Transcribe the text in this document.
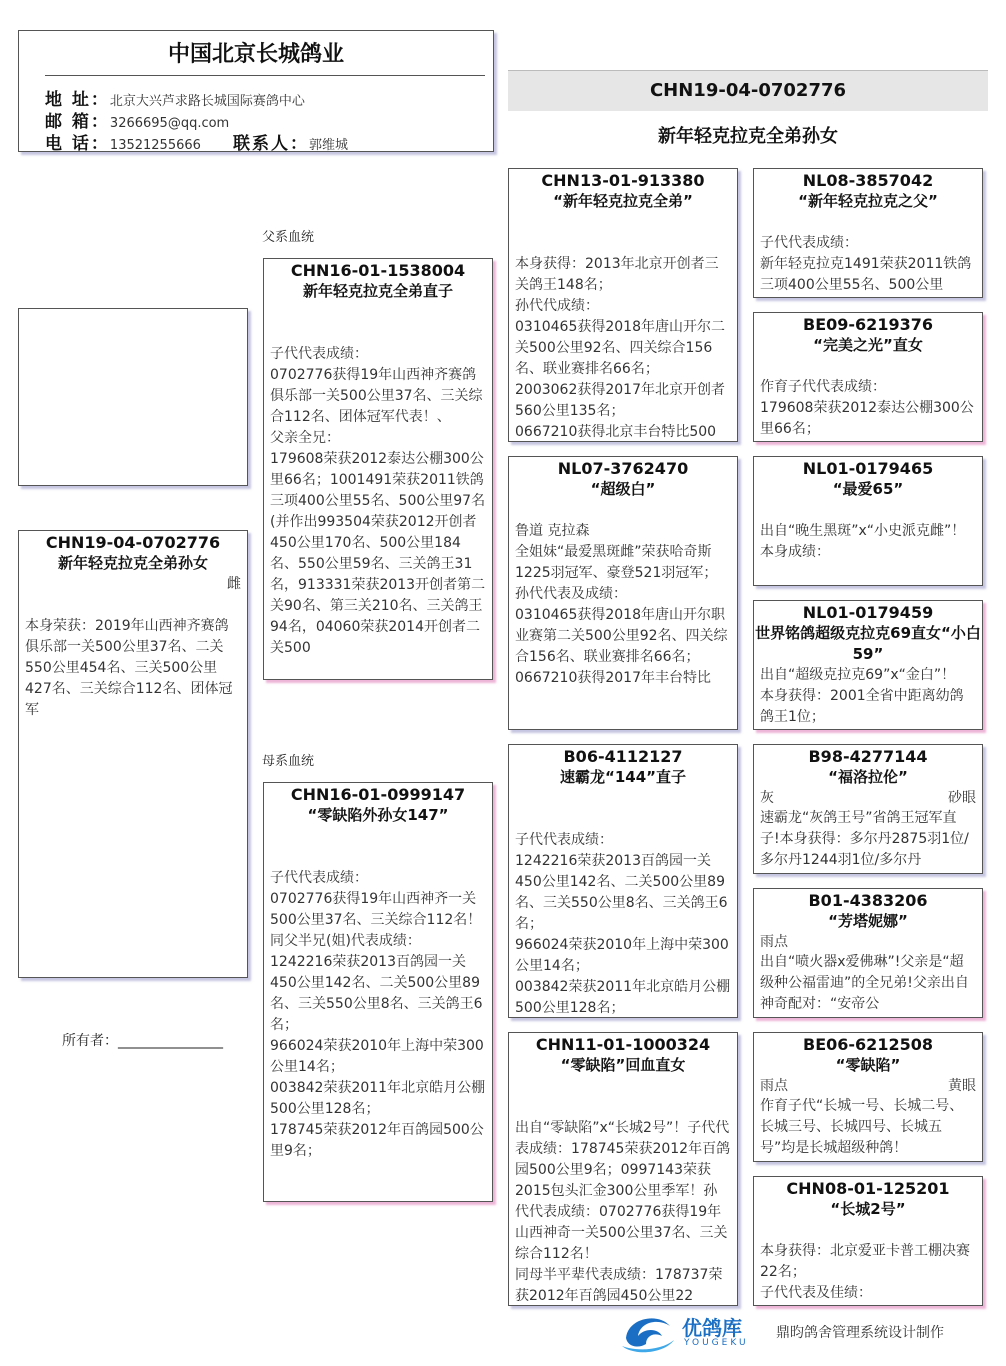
中国北京长城鸽业
地 址：北京大兴芦求路长城国际赛鸽中心
邮 箱：3266695@qq.com
电 话：13521255666 联系人：郭维城
CHN19-04-0702776
新年轻克拉克全弟孙女
CHN19-04-0702776
新年轻克拉克全弟孙女
雌
本身荣获：2019年山西神齐赛鸽俱乐部一关500公里37名、二关550公里454名、三关500公里427名、三关综合112名、团体冠军
父系血统
母系血统
所有者：_______________
CHN16-01-1538004
新年轻克拉克全弟直子
子代代表成绩：
0702776获得19年山西神齐赛鸽俱乐部一关500公里37名、三关综合112名、团体冠军代表！、
父亲全兄：
179608荣获2012泰达公棚300公里66名；1001491荣获2011铁鸽三项400公里55名、500公里97名(并作出993504荣获2012开创者450公里170名、500公里184名、550公里59名、三关鸽王31名，913331荣获2013开创者第二关90名、第三关210名、三关鸽王94名，04060荣获2014开创者二关500
CHN16-01-0999147
“零缺陷外孙女147”
子代代表成绩：
0702776获得19年山西神齐一关500公里37名、三关综合112名！
同父半兄(姐)代表成绩：
1242216荣获2013百鸽园一关450公里142名、二关500公里89名、三关550公里8名、三关鸽王6名；
966024荣获2010年上海中荣300公里14名；
003842荣获2011年北京皓月公棚500公里128名；
178745荣获2012年百鸽园500公里9名；
CHN13-01-913380
“新年轻克拉克全弟”
本身获得：2013年北京开创者三关鸽王148名；
孙代代成绩：
0310465获得2018年唐山开尔二关500公里92名、四关综合156名、联业赛排名66名；
2003062获得2017年北京开创者560公里135名；
0667210获得北京丰台特比500
NL07-3762470
“超级白”
鲁道 克拉森
全姐妹“最爱黑斑雌”荣获哈奇斯1225羽冠军、豪登521羽冠军；
孙代代表及成绩：
0310465获得2018年唐山开尔职业赛第二关500公里92名、四关综合156名、联业赛排名66名；
0667210获得2017年丰台特比
B06-4112127
速霸龙“144”直子
子代代表成绩：
1242216荣获2013百鸽园一关450公里142名、二关500公里89名、三关550公里8名、三关鸽王6名；
966024荣获2010年上海中荣300公里14名；
003842荣获2011年北京皓月公棚500公里128名；
CHN11-01-1000324
“零缺陷”回血直女
出自“零缺陷”x“长城2号”！子代代表成绩：178745荣获2012年百鸽园500公里9名；0997143荣获2015包头汇金300公里季军！孙代代表成绩：0702776获得19年山西神奇一关500公里37名、三关综合112名！
同母半平辈代表成绩：178737荣获2012年百鸽园450公里22
NL08-3857042
“新年轻克拉克之父”
子代代表成绩：
新年轻克拉克1491荣获2011铁鸽三项400公里55名、500公里
BE09-6219376
“完美之光”直女
作育子代代表成绩：
179608荣获2012泰达公棚300公里66名；
NL01-0179465
“最爱65”
出自“晚生黑斑”x“小史派克雌”！
本身成绩：
NL01-0179459
世界铭鸽超级克拉克69直女“小白59”
出自“超级克拉克69”x“金白”！
本身获得：2001全省中距离幼鸽鸽王1位；
B98-4277144
“福洛拉伦”
灰	砂眼
速霸龙“灰鸽王号”省鸽王冠军直子!本身获得：多尔丹2875羽1位/多尔丹1244羽1位/多尔丹
B01-4383206
“芳塔妮娜”
雨点
出自“喷火器x爱佛琳”!父亲是“超级种公福雷迪”的全兄弟!父亲出自神奇配对：“安帝公
BE06-6212508
“零缺陷”
雨点	黄眼
作育子代“长城一号、长城二号、长城三号、长城四号、长城五号”均是长城超级种鸽！
CHN08-01-125201
“长城2号”
本身获得：北京爱亚卡普工棚决赛22名；
子代代表及佳绩：
优鸽库
YOUGEKU
鼎昀鸽舍管理系统设计制作
